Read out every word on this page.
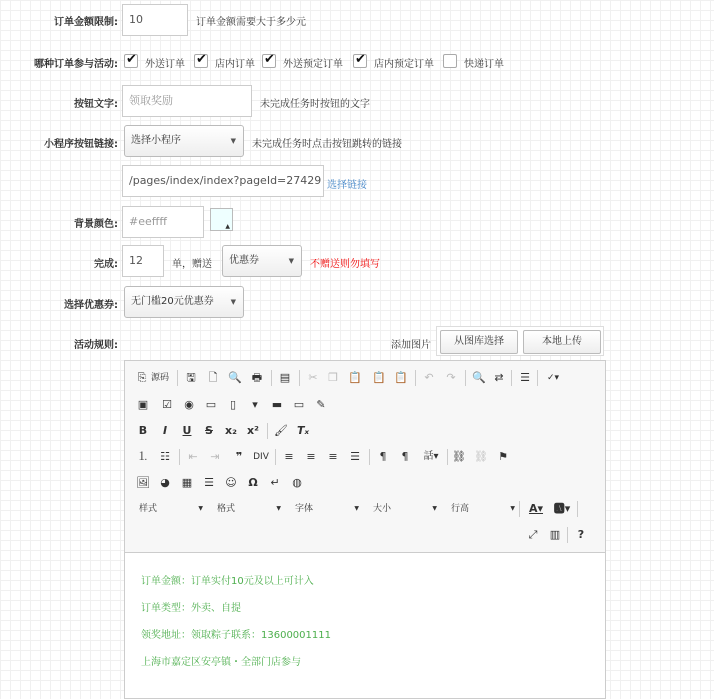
订单金额限制:	10	订单金额需要大于多少元
哪种订单参与活动: ✔	外送订单 ✔	店内订单 ✔	外送预定订单 ✔	店内预定订单	快递订单
按钮文字:	领取奖励	未完成任务时按钮的文字
小程序按钮链接:	选择小程序	▼ 未完成任务时点击按钮跳转的链接
/pages/index/index?pageId=27429 选择链接
背景颜色:	#eeffff	▲
完成:	12	单，赠送	优惠券	▼ 不赠送则勿填写
选择优惠券:	无门槛20元优惠券 ▼
活动规则:	添加图片	从图库选择	本地上传
⎘ 源码	🖫	🗋 🔍 🖶 ▤	✂ ❐ 📋 📋 📋	↶	↷	🔍 ⇄	☰	✓▾
▣ ☑ ◉ ▭	▯	▾	▬ ▭	✎
B	I	U	S	x₂ x² 🖌 Tₓ
⒈ ☷	⇤	⇥	❞	DIV	≡	≡	≡	☰	¶	¶	話▾ ⛓ ⛓ ⚑
🖼 ◕ ▦ ☰ ☺	Ω	↵	◍
样式	▼ 格式	▼ 字体	▼ 大小	▼ 行高	▼	A▾ 🅰▾
⤢	▥	?
订单金额：订单实付10元及以上可计入
订单类型：外卖、自提
领奖地址：领取粽子联系：13600001111
上海市嘉定区安亭镇・全部门店参与
